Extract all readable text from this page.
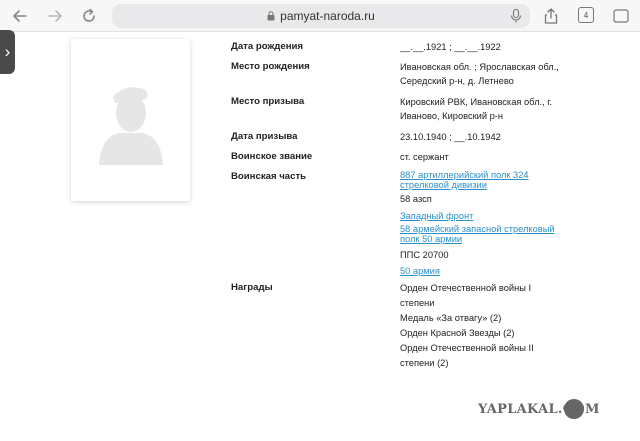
pamyat-naroda.ru	4
›	Дата рождения	__.__.1921 ; __.__.1922
Место рождения	Ивановская обл. ; Ярославская обл.,
Середский р-н, д. Летнево
Место призыва	Кировский РВК, Ивановская обл., г.
Иваново, Кировский р-н
Дата призыва	23.10.1940 ; __.10.1942
Воинское звание	ст. сержант
Воинская часть	887 артиллерийский полк 324
стрелковой дивизии
58 азсп
Западный фронт
58 армейский запасной стрелковый
полк 50 армии
ППС 20700
50 армия
Награды	Орден Отечественной войны I
степени
Медаль «За отвагу» (2)
Орден Красной Звезды (2)
Орден Отечественной войны II
степени (2)
YAPLAKAL.COM
